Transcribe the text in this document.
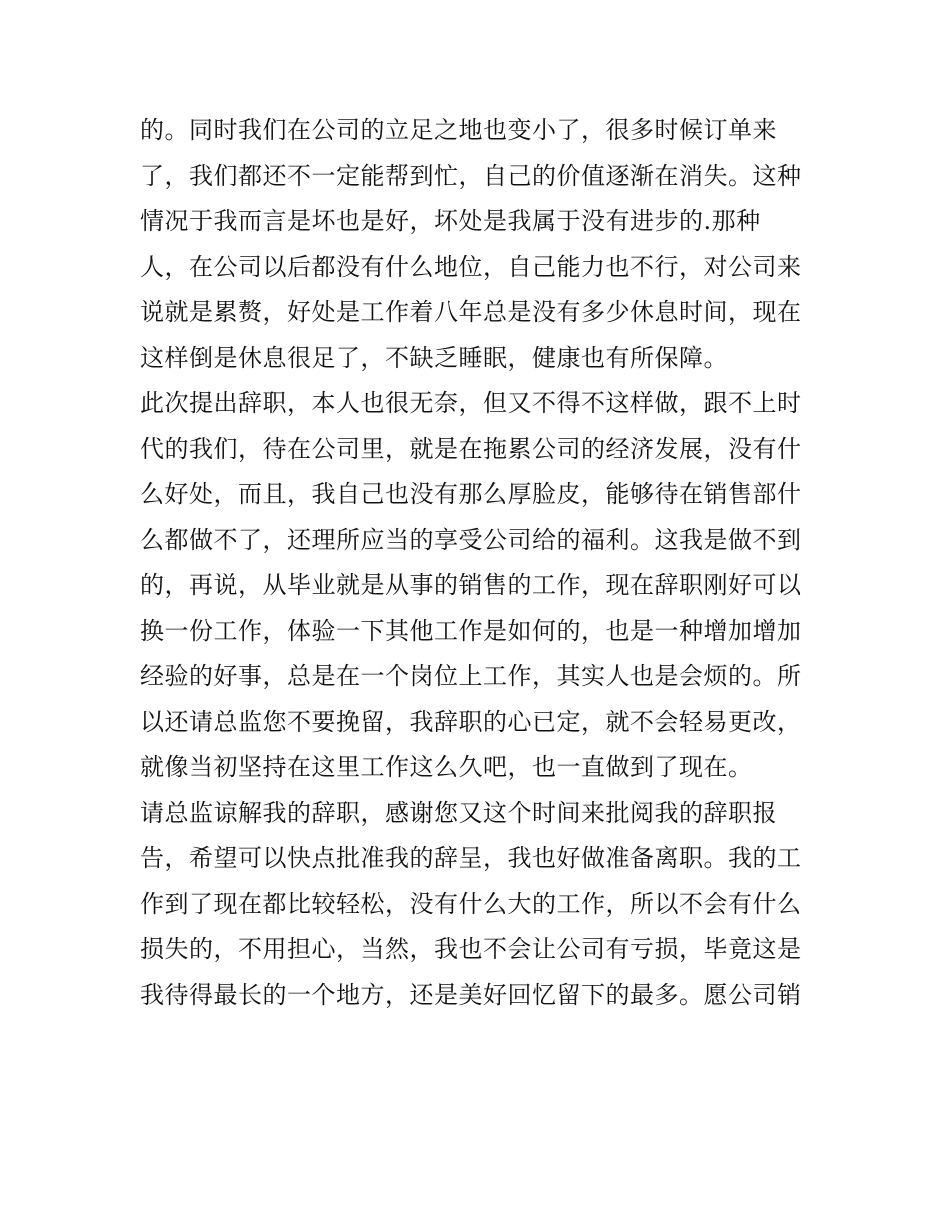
的。同时我们在公司的立足之地也变小了，很多时候订单来
了，我们都还不一定能帮到忙，自己的价值逐渐在消失。这种
情况于我而言是坏也是好，坏处是我属于没有进步的.那种
人，在公司以后都没有什么地位，自己能力也不行，对公司来
说就是累赘，好处是工作着八年总是没有多少休息时间，现在
这样倒是休息很足了，不缺乏睡眠，健康也有所保障。
此次提出辞职，本人也很无奈，但又不得不这样做，跟不上时
代的我们，待在公司里，就是在拖累公司的经济发展，没有什
么好处，而且，我自己也没有那么厚脸皮，能够待在销售部什
么都做不了，还理所应当的享受公司给的福利。这我是做不到
的，再说，从毕业就是从事的销售的工作，现在辞职刚好可以
换一份工作，体验一下其他工作是如何的，也是一种增加增加
经验的好事，总是在一个岗位上工作，其实人也是会烦的。所
以还请总监您不要挽留，我辞职的心已定，就不会轻易更改，
就像当初坚持在这里工作这么久吧，也一直做到了现在。
请总监谅解我的辞职，感谢您又这个时间来批阅我的辞职报
告，希望可以快点批准我的辞呈，我也好做准备离职。我的工
作到了现在都比较轻松，没有什么大的工作，所以不会有什么
损失的，不用担心，当然，我也不会让公司有亏损，毕竟这是
我待得最长的一个地方，还是美好回忆留下的最多。愿公司销
